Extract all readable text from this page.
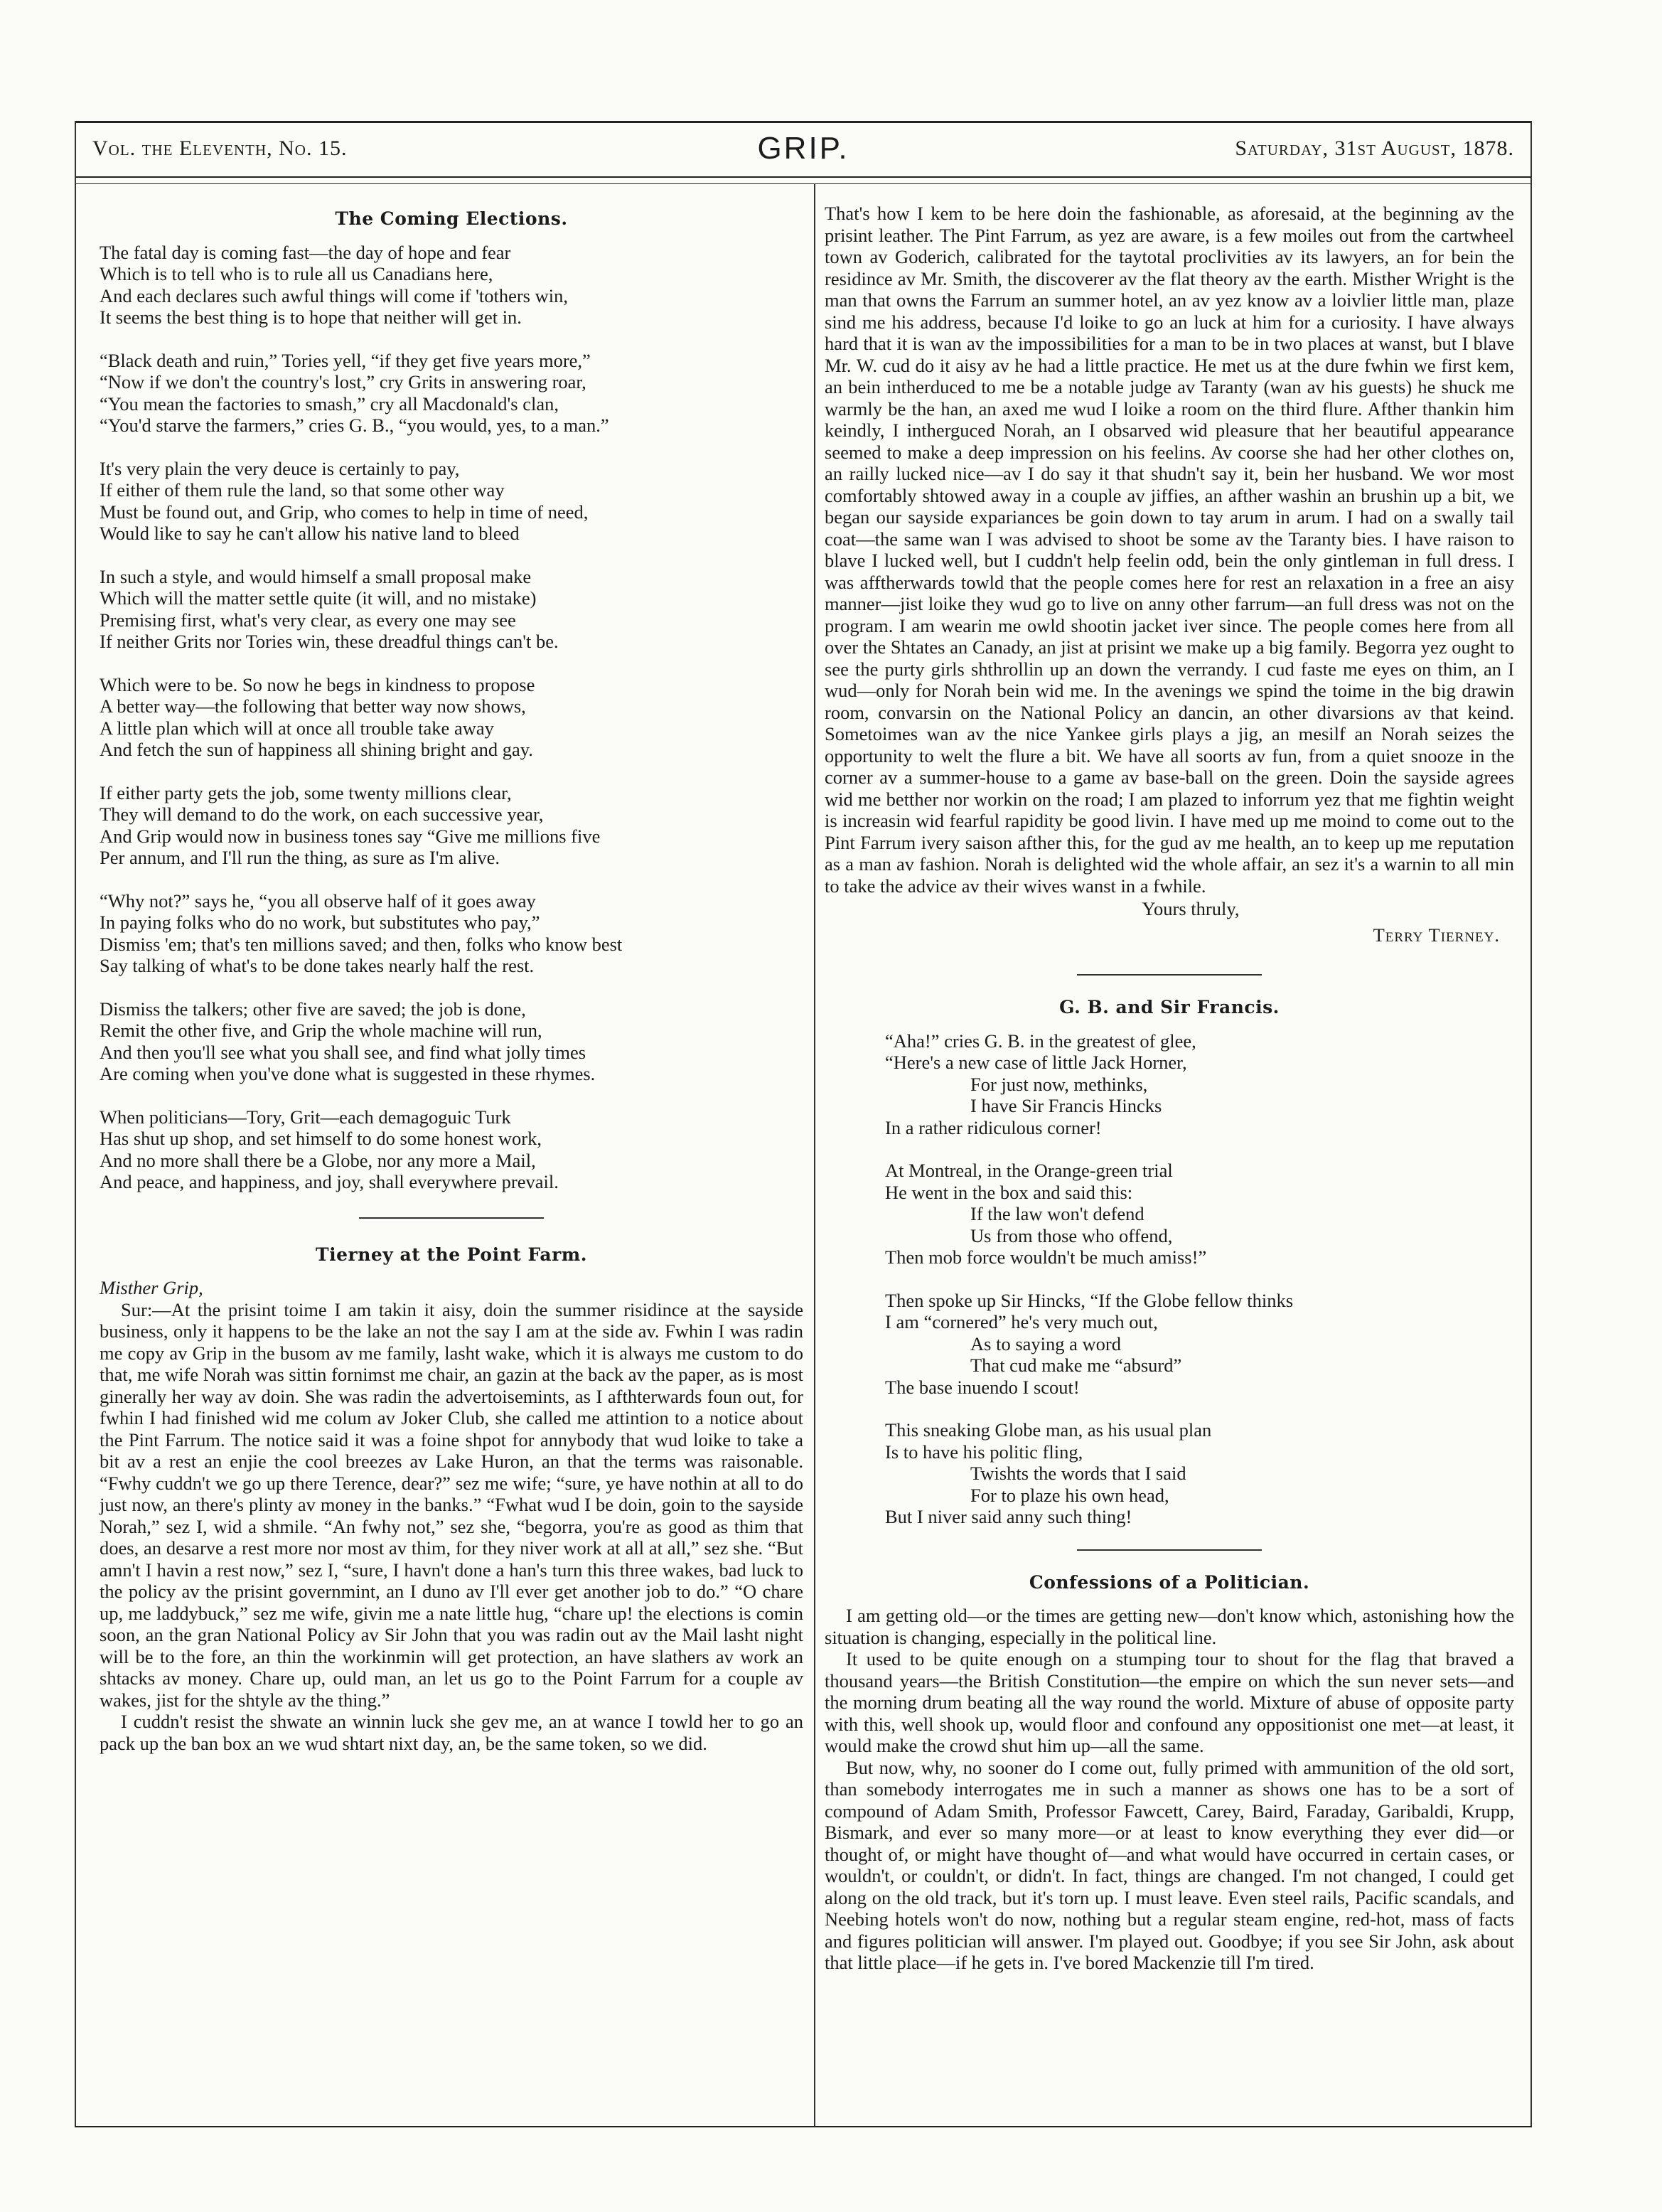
Vol. the Eleventh, No. 15.	GRIP.	Saturday, 31st August, 1878.
The Coming Elections.
The fatal day is coming fast—the day of hope and fear
Which is to tell who is to rule all us Canadians here,
And each declares such awful things will come if 'tothers win,
It seems the best thing is to hope that neither will get in.
“Black death and ruin,” Tories yell, “if they get five years more,”
“Now if we don't the country's lost,” cry Grits in answering roar,
“You mean the factories to smash,” cry all Macdonald's clan,
“You'd starve the farmers,” cries G. B., “you would, yes, to a man.”
It's very plain the very deuce is certainly to pay,
If either of them rule the land, so that some other way
Must be found out, and Grip, who comes to help in time of need,
Would like to say he can't allow his native land to bleed
In such a style, and would himself a small proposal make
Which will the matter settle quite (it will, and no mistake)
Premising first, what's very clear, as every one may see
If neither Grits nor Tories win, these dreadful things can't be.
Which were to be. So now he begs in kindness to propose
A better way—the following that better way now shows,
A little plan which will at once all trouble take away
And fetch the sun of happiness all shining bright and gay.
If either party gets the job, some twenty millions clear,
They will demand to do the work, on each successive year,
And Grip would now in business tones say “Give me millions five
Per annum, and I'll run the thing, as sure as I'm alive.
“Why not?” says he, “you all observe half of it goes away
In paying folks who do no work, but substitutes who pay,”
Dismiss 'em; that's ten millions saved; and then, folks who know best
Say talking of what's to be done takes nearly half the rest.
Dismiss the talkers; other five are saved; the job is done,
Remit the other five, and Grip the whole machine will run,
And then you'll see what you shall see, and find what jolly times
Are coming when you've done what is suggested in these rhymes.
When politicians—Tory, Grit—each demagoguic Turk
Has shut up shop, and set himself to do some honest work,
And no more shall there be a Globe, nor any more a Mail,
And peace, and happiness, and joy, shall everywhere prevail.
Tierney at the Point Farm.

Misther Grip,

Sur:—At the prisint toime I am takin it aisy, doin the summer risidince at the sayside business, only it happens to be the lake an not the say I am at the side av. Fwhin I was radin me copy av Grip in the busom av me family, lasht wake, which it is always me custom to do that, me wife Norah was sittin fornimst me chair, an gazin at the back av the paper, as is most ginerally her way av doin. She was radin the advertoisemints, as I afthterwards foun out, for fwhin I had finished wid me colum av Joker Club, she called me attintion to a notice about the Pint Farrum. The notice said it was a foine shpot for annybody that wud loike to take a bit av a rest an enjie the cool breezes av Lake Huron, an that the terms was raisonable. “Fwhy cuddn't we go up there Terence, dear?” sez me wife; “sure, ye have nothin at all to do just now, an there's plinty av money in the banks.” “Fwhat wud I be doin, goin to the sayside Norah,” sez I, wid a shmile. “An fwhy not,” sez she, “begorra, you're as good as thim that does, an desarve a rest more nor most av thim, for they niver work at all at all,” sez she. “But amn't I havin a rest now,” sez I, “sure, I havn't done a han's turn this three wakes, bad luck to the policy av the prisint governmint, an I duno av I'll ever get another job to do.” “O chare up, me laddybuck,” sez me wife, givin me a nate little hug, “chare up! the elections is comin soon, an the gran National Policy av Sir John that you was radin out av the Mail lasht night will be to the fore, an thin the workinmin will get protection, an have slathers av work an shtacks av money. Chare up, ould man, an let us go to the Point Farrum for a couple av wakes, jist for the shtyle av the thing.”

I cuddn't resist the shwate an winnin luck she gev me, an at wance I towld her to go an pack up the ban box an we wud shtart nixt day, an, be the same token, so we did.

That's how I kem to be here doin the fashionable, as aforesaid, at the beginning av the prisint leather. The Pint Farrum, as yez are aware, is a few moiles out from the cartwheel town av Goderich, calibrated for the taytotal proclivities av its lawyers, an for bein the residince av Mr. Smith, the discoverer av the flat theory av the earth. Misther Wright is the man that owns the Farrum an summer hotel, an av yez know av a loivlier little man, plaze sind me his address, because I'd loike to go an luck at him for a curiosity. I have always hard that it is wan av the impossibilities for a man to be in two places at wanst, but I blave Mr. W. cud do it aisy av he had a little practice. He met us at the dure fwhin we first kem, an bein intherduced to me be a notable judge av Taranty (wan av his guests) he shuck me warmly be the han, an axed me wud I loike a room on the third flure. Afther thankin him keindly, I intherguced Norah, an I obsarved wid pleasure that her beautiful appearance seemed to make a deep impression on his feelins. Av coorse she had her other clothes on, an railly lucked nice—av I do say it that shudn't say it, bein her husband. We wor most comfortably shtowed away in a couple av jiffies, an afther washin an brushin up a bit, we began our sayside expariances be goin down to tay arum in arum. I had on a swally tail coat—the same wan I was advised to shoot be some av the Taranty bies. I have raison to blave I lucked well, but I cuddn't help feelin odd, bein the only gintleman in full dress. I was afftherwards towld that the people comes here for rest an relaxation in a free an aisy manner—jist loike they wud go to live on anny other farrum—an full dress was not on the program. I am wearin me owld shootin jacket iver since. The people comes here from all over the Shtates an Canady, an jist at prisint we make up a big family. Begorra yez ought to see the purty girls shthrollin up an down the verrandy. I cud faste me eyes on thim, an I wud—only for Norah bein wid me. In the avenings we spind the toime in the big drawin room, convarsin on the National Policy an dancin, an other divarsions av that keind. Sometoimes wan av the nice Yankee girls plays a jig, an mesilf an Norah seizes the opportunity to welt the flure a bit. We have all soorts av fun, from a quiet snooze in the corner av a summer-house to a game av base-ball on the green. Doin the sayside agrees wid me betther nor workin on the road; I am plazed to inforrum yez that me fightin weight is increasin wid fearful rapidity be good livin. I have med up me moind to come out to the Pint Farrum ivery saison afther this, for the gud av me health, an to keep up me reputation as a man av fashion. Norah is delighted wid the whole affair, an sez it's a warnin to all min to take the advice av their wives wanst in a fwhile.

Yours thruly,

Terry Tierney.

G. B. and Sir Francis.
“Aha!” cries G. B. in the greatest of glee,
“Here's a new case of little Jack Horner,
For just now, methinks,
I have Sir Francis Hincks
In a rather ridiculous corner!
At Montreal, in the Orange-green trial
He went in the box and said this:
If the law won't defend
Us from those who offend,
Then mob force wouldn't be much amiss!”
Then spoke up Sir Hincks, “If the Globe fellow thinks
I am “cornered” he's very much out,
As to saying a word
That cud make me “absurd”
The base inuendo I scout!
This sneaking Globe man, as his usual plan
Is to have his politic fling,
Twishts the words that I said
For to plaze his own head,
But I niver said anny such thing!
Confessions of a Politician.

I am getting old—or the times are getting new—don't know which, astonishing how the situation is changing, especially in the political line.

It used to be quite enough on a stumping tour to shout for the flag that braved a thousand years—the British Constitution—the empire on which the sun never sets—and the morning drum beating all the way round the world. Mixture of abuse of opposite party with this, well shook up, would floor and confound any oppositionist one met—at least, it would make the crowd shut him up—all the same.

But now, why, no sooner do I come out, fully primed with ammunition of the old sort, than somebody interrogates me in such a manner as shows one has to be a sort of compound of Adam Smith, Professor Fawcett, Carey, Baird, Faraday, Garibaldi, Krupp, Bismark, and ever so many more—or at least to know everything they ever did—or thought of, or might have thought of—and what would have occurred in certain cases, or wouldn't, or couldn't, or didn't. In fact, things are changed. I'm not changed, I could get along on the old track, but it's torn up. I must leave. Even steel rails, Pacific scandals, and Neebing hotels won't do now, nothing but a regular steam engine, red-hot, mass of facts and figures politician will answer. I'm played out. Goodbye; if you see Sir John, ask about that little place—if he gets in. I've bored Mackenzie till I'm tired.
